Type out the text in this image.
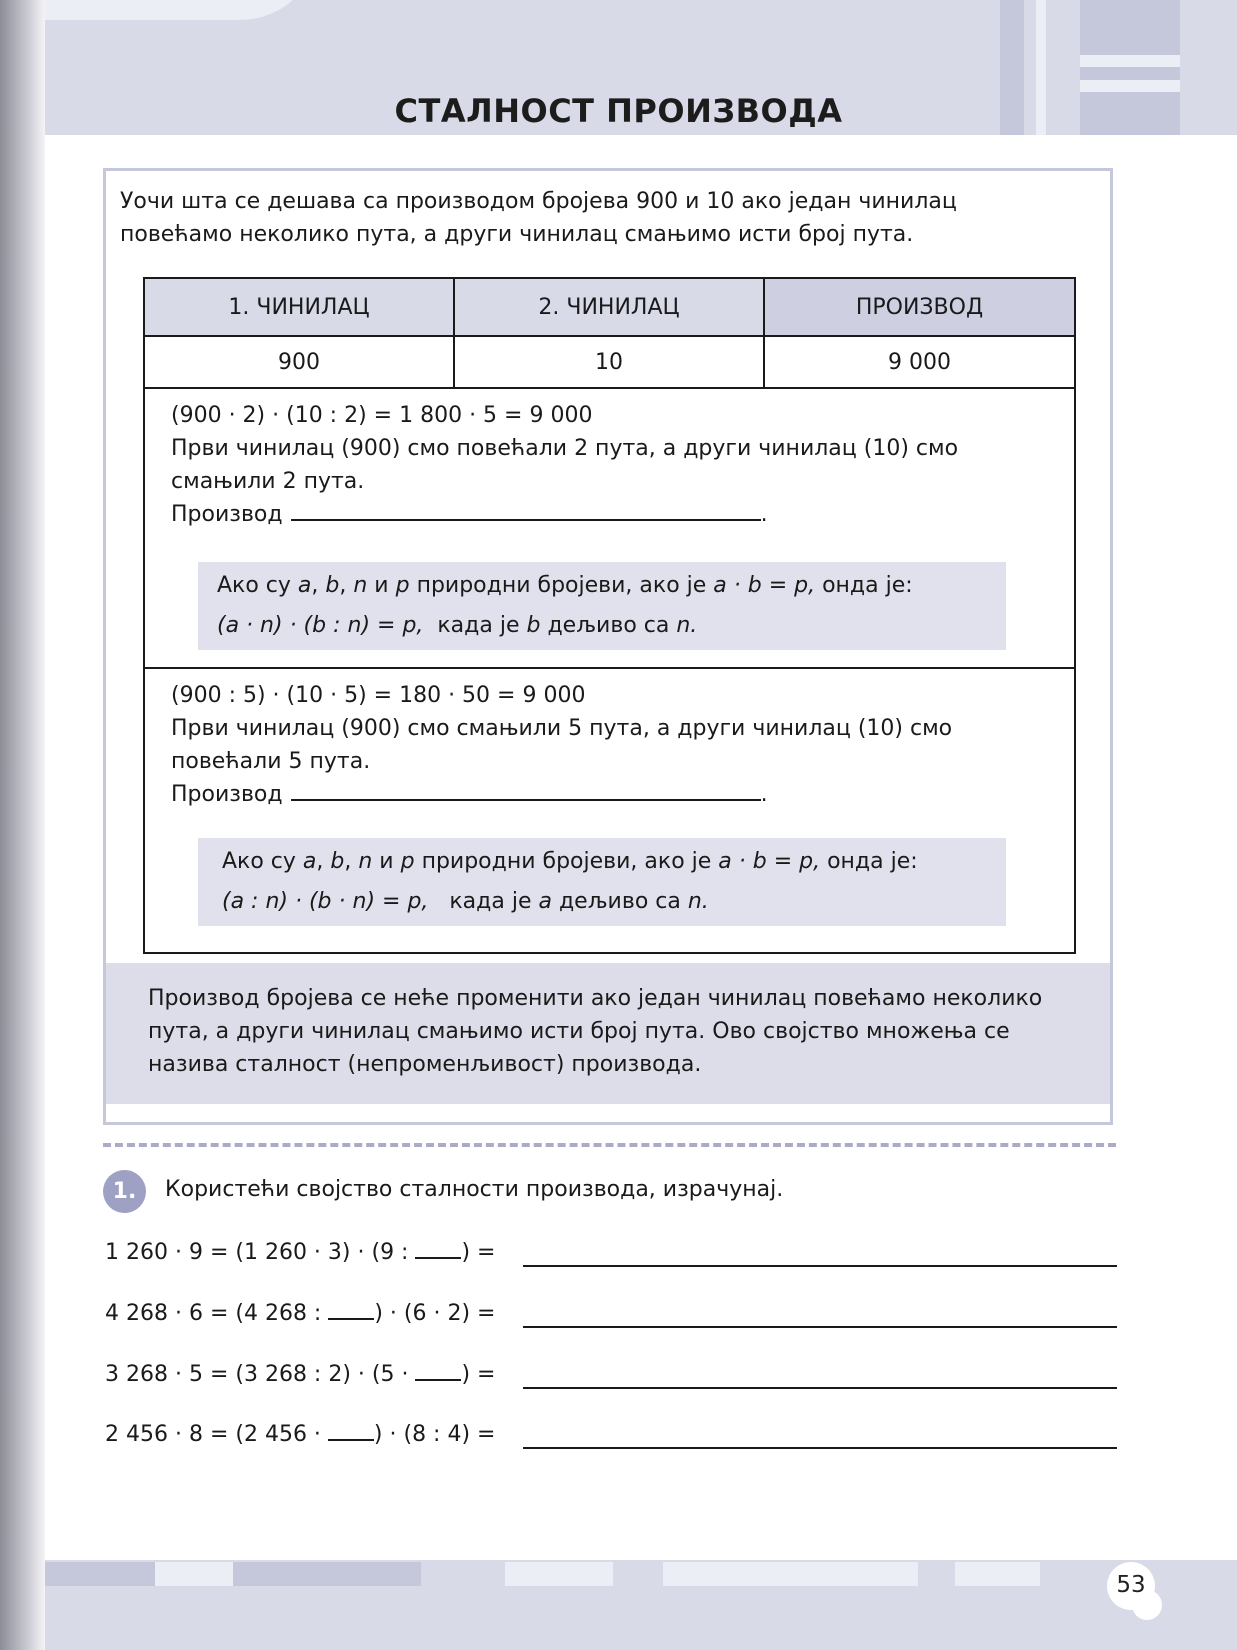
СТАЛНОСТ ПРОИЗВОДА
Уочи шта се дешава са производом бројева 900 и 10 ако један чинилац
повећамо неколико пута, а други чинилац смањимо исти број пута.
1. ЧИНИЛАЦ	2. ЧИНИЛАЦ	ПРОИЗВОД
900	10	9 000
(900 · 2) · (10 : 2) = 1 800 · 5 = 9 000
Први чинилац (900) смо повећали 2 пута, а други чинилац (10) смо
смањили 2 пута.
Производ	.
Ако су a, b, n и p природни бројеви, ако је a · b = p, онда је:
(a · n) · (b : n) = p,  када је b дељиво са n.
(900 : 5) · (10 · 5) = 180 · 50 = 9 000
Први чинилац (900) смо смањили 5 пута, а други чинилац (10) смо
повећали 5 пута.
Производ	.
Ако су a, b, n и p природни бројеви, ако је a · b = p, онда је:
(a : n) · (b · n) = p,   када је a дељиво са n.
Производ бројева се неће променити ако један чинилац повећамо неколико
пута, а други чинилац смањимо исти број пута. Ово својство множења се
назива сталност (непроменљивост) производа.
1.	Користећи својство сталности производа, израчунај.
1 260 · 9 = (1 260 · 3) · (9 : ) =
4 268 · 6 = (4 268 : ) · (6 · 2) =
3 268 · 5 = (3 268 : 2) · (5 · ) =
2 456 · 8 = (2 456 · ) · (8 : 4) =
53
